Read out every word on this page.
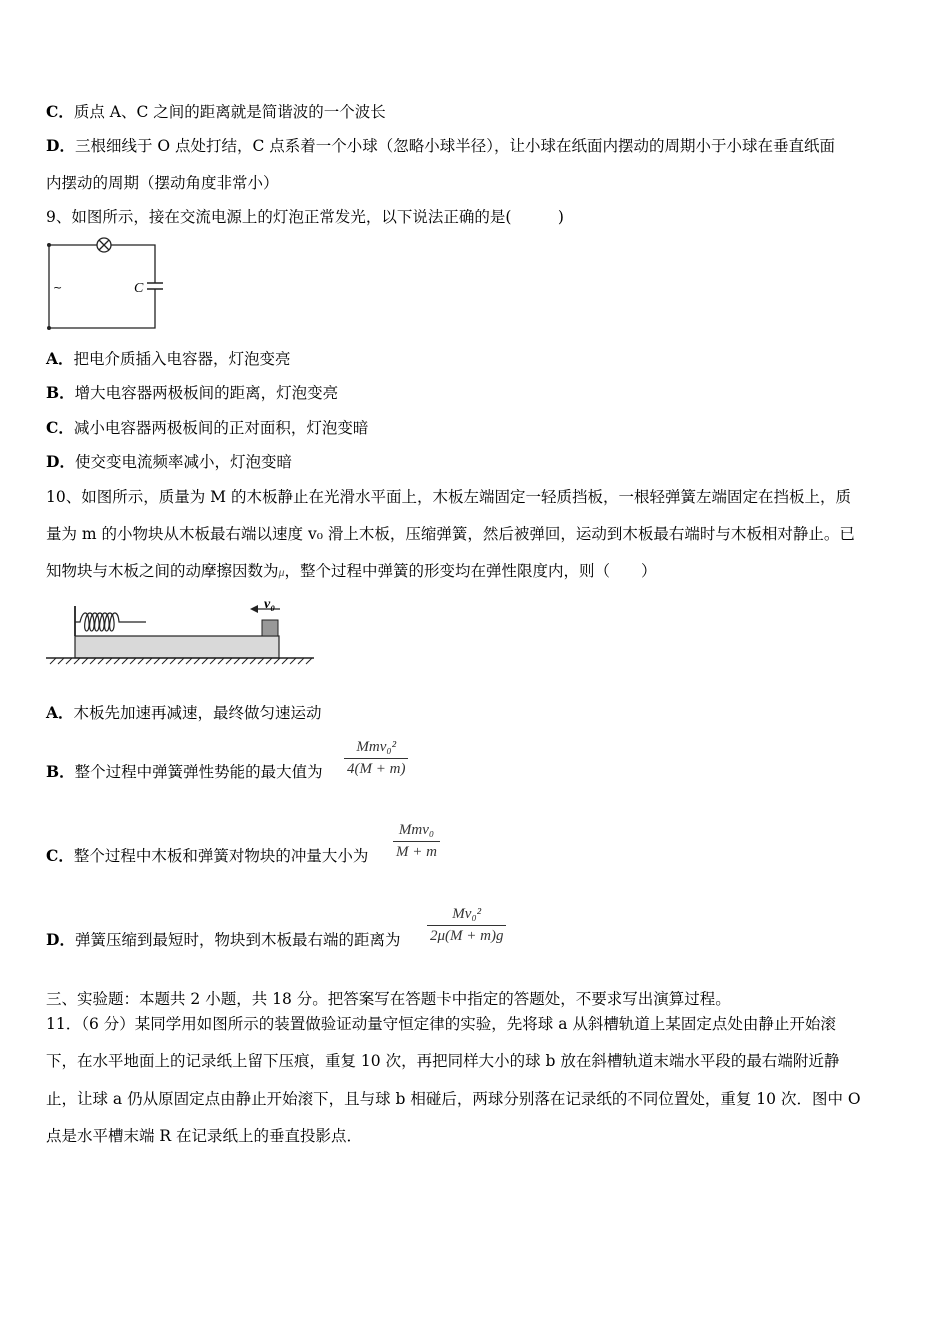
C．质点 A、C 之间的距离就是简谐波的一个波长
D．三根细线于 O 点处打结，C 点系着一个小球（忽略小球半径），让小球在纸面内摆动的周期小于小球在垂直纸面
内摆动的周期（摆动角度非常小）
9、如图所示，接在交流电源上的灯泡正常发光，以下说法正确的是(　　　)
C
~
A．把电介质插入电容器，灯泡变亮
B．增大电容器两极板间的距离，灯泡变亮
C．减小电容器两极板间的正对面积，灯泡变暗
D．使交变电流频率减小，灯泡变暗
10、如图所示，质量为 M 的木板静止在光滑水平面上，木板左端固定一轻质挡板，一根轻弹簧左端固定在挡板上，质
量为 m 的小物块从木板最右端以速度 v₀ 滑上木板，压缩弹簧，然后被弹回，运动到木板最右端时与木板相对静止。已
知物块与木板之间的动摩擦因数为μ，整个过程中弹簧的形变均在弹性限度内，则（　　）
v₀
A．木板先加速再减速，最终做匀速运动
B．整个过程中弹簧弹性势能的最大值为
Mmv₀²
4(M + m)
C．整个过程中木板和弹簧对物块的冲量大小为
Mmv₀
M + m
D．弹簧压缩到最短时，物块到木板最右端的距离为 $\frac{\text{Mv₀²}}{2\mu(M + m)g}$
三、实验题：本题共 2 小题，共 18 分。把答案写在答题卡中指定的答题处，不要求写出演算过程。
11．（6 分）某同学用如图所示的装置做验证动量守恒定律的实验，先将球 a 从斜槽轨道上某固定点处由静止开始滚
下，在水平地面上的记录纸上留下压痕，重复 10 次，再把同样大小的球 b 放在斜槽轨道末端水平段的最右端附近静
止，让球 a 仍从原固定点由静止开始滚下，且与球 b 相碰后，两球分别落在记录纸的不同位置处，重复 10 次．图中 O
点是水平槽末端 R 在记录纸上的垂直投影点．
